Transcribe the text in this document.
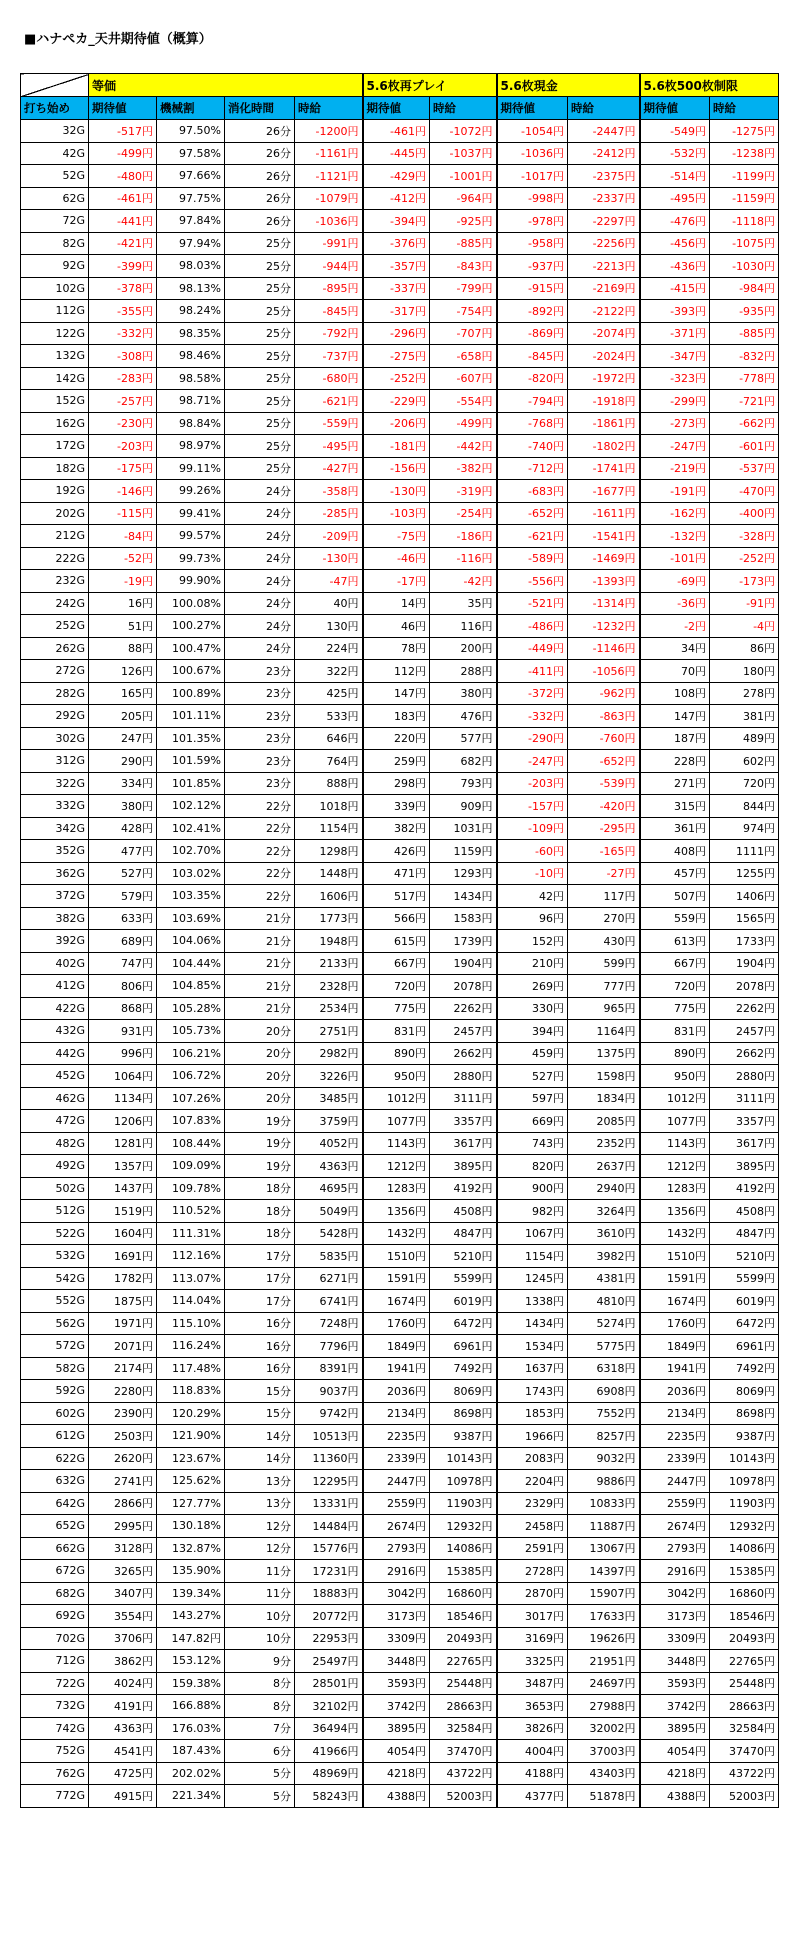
■ハナペカ_天井期待値（概算）
	等価				5.6枚再プレイ		5.6枚現金		5.6枚500枚制限	
打ち始め	期待値	機械割	消化時間	時給	期待値	時給	期待値	時給	期待値	時給
32G	-517円	97.50%	26分	-1200円	-461円	-1072円	-1054円	-2447円	-549円	-1275円
42G	-499円	97.58%	26分	-1161円	-445円	-1037円	-1036円	-2412円	-532円	-1238円
52G	-480円	97.66%	26分	-1121円	-429円	-1001円	-1017円	-2375円	-514円	-1199円
62G	-461円	97.75%	26分	-1079円	-412円	-964円	-998円	-2337円	-495円	-1159円
72G	-441円	97.84%	26分	-1036円	-394円	-925円	-978円	-2297円	-476円	-1118円
82G	-421円	97.94%	25分	-991円	-376円	-885円	-958円	-2256円	-456円	-1075円
92G	-399円	98.03%	25分	-944円	-357円	-843円	-937円	-2213円	-436円	-1030円
102G	-378円	98.13%	25分	-895円	-337円	-799円	-915円	-2169円	-415円	-984円
112G	-355円	98.24%	25分	-845円	-317円	-754円	-892円	-2122円	-393円	-935円
122G	-332円	98.35%	25分	-792円	-296円	-707円	-869円	-2074円	-371円	-885円
132G	-308円	98.46%	25分	-737円	-275円	-658円	-845円	-2024円	-347円	-832円
142G	-283円	98.58%	25分	-680円	-252円	-607円	-820円	-1972円	-323円	-778円
152G	-257円	98.71%	25分	-621円	-229円	-554円	-794円	-1918円	-299円	-721円
162G	-230円	98.84%	25分	-559円	-206円	-499円	-768円	-1861円	-273円	-662円
172G	-203円	98.97%	25分	-495円	-181円	-442円	-740円	-1802円	-247円	-601円
182G	-175円	99.11%	25分	-427円	-156円	-382円	-712円	-1741円	-219円	-537円
192G	-146円	99.26%	24分	-358円	-130円	-319円	-683円	-1677円	-191円	-470円
202G	-115円	99.41%	24分	-285円	-103円	-254円	-652円	-1611円	-162円	-400円
212G	-84円	99.57%	24分	-209円	-75円	-186円	-621円	-1541円	-132円	-328円
222G	-52円	99.73%	24分	-130円	-46円	-116円	-589円	-1469円	-101円	-252円
232G	-19円	99.90%	24分	-47円	-17円	-42円	-556円	-1393円	-69円	-173円
242G	16円	100.08%	24分	40円	14円	35円	-521円	-1314円	-36円	-91円
252G	51円	100.27%	24分	130円	46円	116円	-486円	-1232円	-2円	-4円
262G	88円	100.47%	24分	224円	78円	200円	-449円	-1146円	34円	86円
272G	126円	100.67%	23分	322円	112円	288円	-411円	-1056円	70円	180円
282G	165円	100.89%	23分	425円	147円	380円	-372円	-962円	108円	278円
292G	205円	101.11%	23分	533円	183円	476円	-332円	-863円	147円	381円
302G	247円	101.35%	23分	646円	220円	577円	-290円	-760円	187円	489円
312G	290円	101.59%	23分	764円	259円	682円	-247円	-652円	228円	602円
322G	334円	101.85%	23分	888円	298円	793円	-203円	-539円	271円	720円
332G	380円	102.12%	22分	1018円	339円	909円	-157円	-420円	315円	844円
342G	428円	102.41%	22分	1154円	382円	1031円	-109円	-295円	361円	974円
352G	477円	102.70%	22分	1298円	426円	1159円	-60円	-165円	408円	1111円
362G	527円	103.02%	22分	1448円	471円	1293円	-10円	-27円	457円	1255円
372G	579円	103.35%	22分	1606円	517円	1434円	42円	117円	507円	1406円
382G	633円	103.69%	21分	1773円	566円	1583円	96円	270円	559円	1565円
392G	689円	104.06%	21分	1948円	615円	1739円	152円	430円	613円	1733円
402G	747円	104.44%	21分	2133円	667円	1904円	210円	599円	667円	1904円
412G	806円	104.85%	21分	2328円	720円	2078円	269円	777円	720円	2078円
422G	868円	105.28%	21分	2534円	775円	2262円	330円	965円	775円	2262円
432G	931円	105.73%	20分	2751円	831円	2457円	394円	1164円	831円	2457円
442G	996円	106.21%	20分	2982円	890円	2662円	459円	1375円	890円	2662円
452G	1064円	106.72%	20分	3226円	950円	2880円	527円	1598円	950円	2880円
462G	1134円	107.26%	20分	3485円	1012円	3111円	597円	1834円	1012円	3111円
472G	1206円	107.83%	19分	3759円	1077円	3357円	669円	2085円	1077円	3357円
482G	1281円	108.44%	19分	4052円	1143円	3617円	743円	2352円	1143円	3617円
492G	1357円	109.09%	19分	4363円	1212円	3895円	820円	2637円	1212円	3895円
502G	1437円	109.78%	18分	4695円	1283円	4192円	900円	2940円	1283円	4192円
512G	1519円	110.52%	18分	5049円	1356円	4508円	982円	3264円	1356円	4508円
522G	1604円	111.31%	18分	5428円	1432円	4847円	1067円	3610円	1432円	4847円
532G	1691円	112.16%	17分	5835円	1510円	5210円	1154円	3982円	1510円	5210円
542G	1782円	113.07%	17分	6271円	1591円	5599円	1245円	4381円	1591円	5599円
552G	1875円	114.04%	17分	6741円	1674円	6019円	1338円	4810円	1674円	6019円
562G	1971円	115.10%	16分	7248円	1760円	6472円	1434円	5274円	1760円	6472円
572G	2071円	116.24%	16分	7796円	1849円	6961円	1534円	5775円	1849円	6961円
582G	2174円	117.48%	16分	8391円	1941円	7492円	1637円	6318円	1941円	7492円
592G	2280円	118.83%	15分	9037円	2036円	8069円	1743円	6908円	2036円	8069円
602G	2390円	120.29%	15分	9742円	2134円	8698円	1853円	7552円	2134円	8698円
612G	2503円	121.90%	14分	10513円	2235円	9387円	1966円	8257円	2235円	9387円
622G	2620円	123.67%	14分	11360円	2339円	10143円	2083円	9032円	2339円	10143円
632G	2741円	125.62%	13分	12295円	2447円	10978円	2204円	9886円	2447円	10978円
642G	2866円	127.77%	13分	13331円	2559円	11903円	2329円	10833円	2559円	11903円
652G	2995円	130.18%	12分	14484円	2674円	12932円	2458円	11887円	2674円	12932円
662G	3128円	132.87%	12分	15776円	2793円	14086円	2591円	13067円	2793円	14086円
672G	3265円	135.90%	11分	17231円	2916円	15385円	2728円	14397円	2916円	15385円
682G	3407円	139.34%	11分	18883円	3042円	16860円	2870円	15907円	3042円	16860円
692G	3554円	143.27%	10分	20772円	3173円	18546円	3017円	17633円	3173円	18546円
702G	3706円	147.82円	10分	22953円	3309円	20493円	3169円	19626円	3309円	20493円
712G	3862円	153.12%	9分	25497円	3448円	22765円	3325円	21951円	3448円	22765円
722G	4024円	159.38%	8分	28501円	3593円	25448円	3487円	24697円	3593円	25448円
732G	4191円	166.88%	8分	32102円	3742円	28663円	3653円	27988円	3742円	28663円
742G	4363円	176.03%	7分	36494円	3895円	32584円	3826円	32002円	3895円	32584円
752G	4541円	187.43%	6分	41966円	4054円	37470円	4004円	37003円	4054円	37470円
762G	4725円	202.02%	5分	48969円	4218円	43722円	4188円	43403円	4218円	43722円
772G	4915円	221.34%	5分	58243円	4388円	52003円	4377円	51878円	4388円	52003円
